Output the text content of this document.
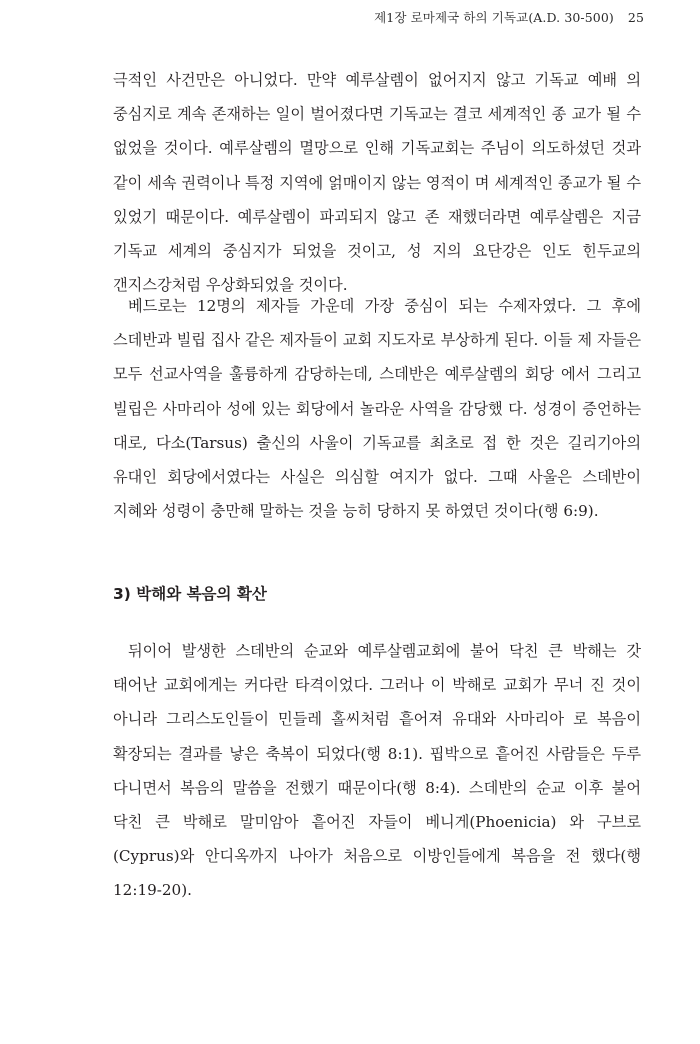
제1장 로마제국 하의 기독교(A.D. 30-500) 25

극적인 사건만은 아니었다. 만약 예루살렘이 없어지지 않고 기독교 예배 의 중심지로 계속 존재하는 일이 벌어졌다면 기독교는 결코 세계적인 종 교가 될 수 없었을 것이다. 예루살렘의 멸망으로 인해 기독교회는 주님이 의도하셨던 것과 같이 세속 권력이나 특정 지역에 얽매이지 않는 영적이 며 세계적인 종교가 될 수 있었기 때문이다. 예루살렘이 파괴되지 않고 존 재했더라면 예루살렘은 지금 기독교 세계의 중심지가 되었을 것이고, 성 지의 요단강은 인도 힌두교의 갠지스강처럼 우상화되었을 것이다.

베드로는 12명의 제자들 가운데 가장 중심이 되는 수제자였다. 그 후에 스데반과 빌립 집사 같은 제자들이 교회 지도자로 부상하게 된다. 이들 제 자들은 모두 선교사역을 훌륭하게 감당하는데, 스데반은 예루살렘의 회당 에서 그리고 빌립은 사마리아 성에 있는 회당에서 놀라운 사역을 감당했 다. 성경이 증언하는 대로, 다소(Tarsus) 출신의 사울이 기독교를 최초로 접 한 것은 길리기아의 유대인 회당에서였다는 사실은 의심할 여지가 없다. 그때 사울은 스데반이 지혜와 성령이 충만해 말하는 것을 능히 당하지 못 하였던 것이다(행 6:9).

3) 박해와 복음의 확산

뒤이어 발생한 스데반의 순교와 예루살렘교회에 불어 닥친 큰 박해는 갓 태어난 교회에게는 커다란 타격이었다. 그러나 이 박해로 교회가 무너 진 것이 아니라 그리스도인들이 민들레 홀씨처럼 흩어져 유대와 사마리아 로 복음이 확장되는 결과를 낳은 축복이 되었다(행 8:1). 핍박으로 흩어진 사람들은 두루 다니면서 복음의 말씀을 전했기 때문이다(행 8:4). 스데반의 순교 이후 불어 닥친 큰 박해로 말미암아 흩어진 자들이 베니게(Phoenicia) 와 구브로(Cyprus)와 안디옥까지 나아가 처음으로 이방인들에게 복음을 전 했다(행 12:19-20).
